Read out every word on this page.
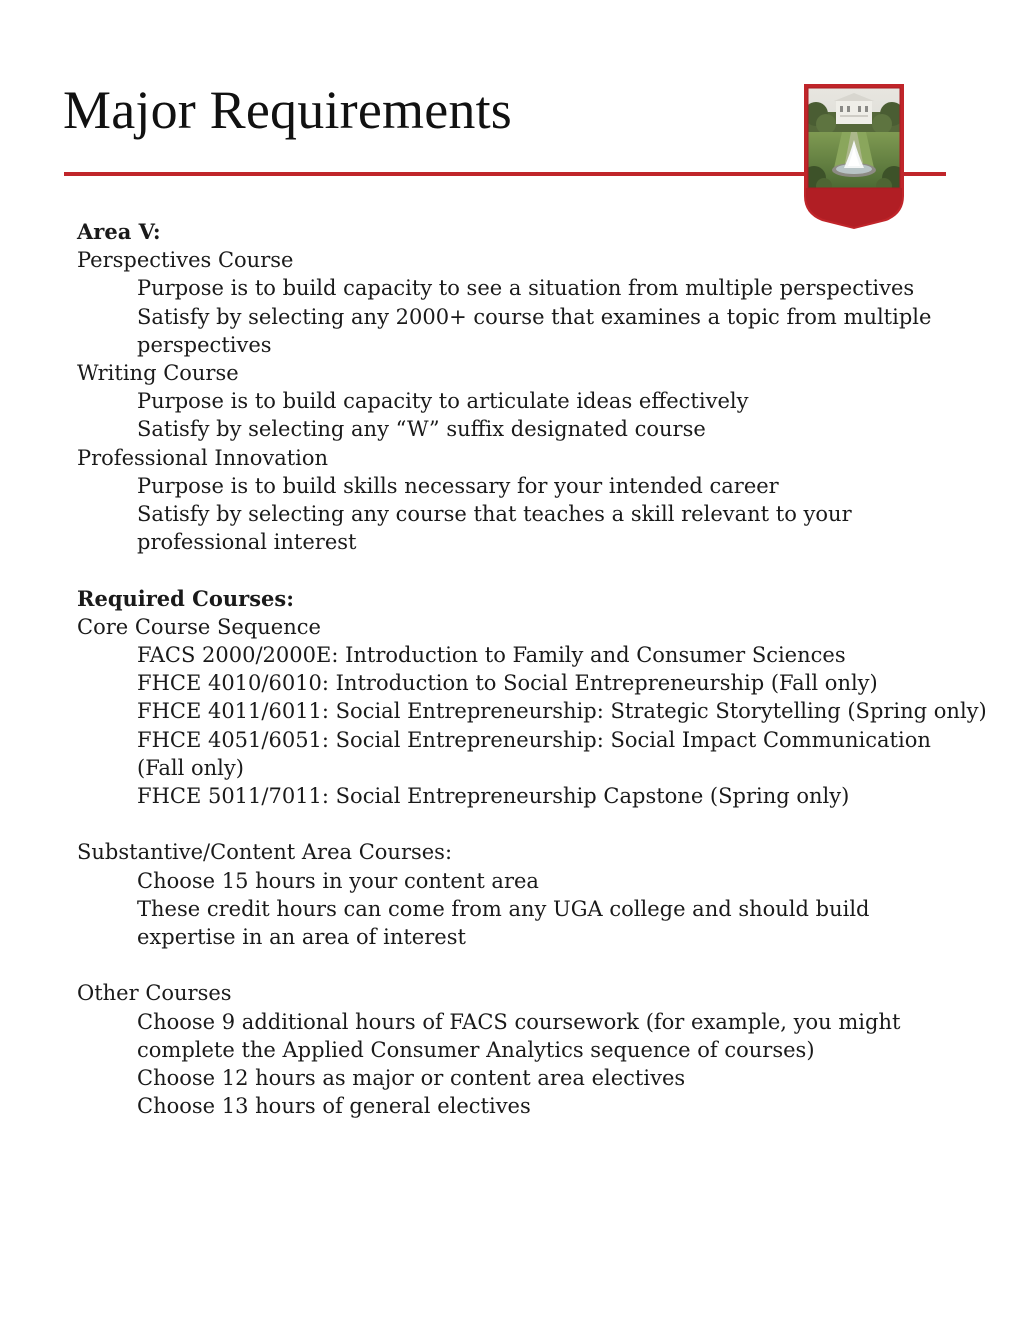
Major Requirements
Area V:
Perspectives Course
Purpose is to build capacity to see a situation from multiple perspectives
Satisfy by selecting any 2000+ course that examines a topic from multiple perspectives
Writing Course
Purpose is to build capacity to articulate ideas effectively
Satisfy by selecting any “W” suffix designated course
Professional Innovation
Purpose is to build skills necessary for your intended career
Satisfy by selecting any course that teaches a skill relevant to your professional interest
Required Courses:
Core Course Sequence
FACS 2000/2000E: Introduction to Family and Consumer Sciences
FHCE 4010/6010: Introduction to Social Entrepreneurship (Fall only)
FHCE 4011/6011: Social Entrepreneurship: Strategic Storytelling (Spring only)
FHCE 4051/6051: Social Entrepreneurship: Social Impact Communication (Fall only)
FHCE 5011/7011: Social Entrepreneurship Capstone (Spring only)
Substantive/Content Area Courses:
Choose 15 hours in your content area
These credit hours can come from any UGA college and should build expertise in an area of interest
Other Courses
Choose 9 additional hours of FACS coursework (for example, you might complete the Applied Consumer Analytics sequence of courses)
Choose 12 hours as major or content area electives
Choose 13 hours of general electives
